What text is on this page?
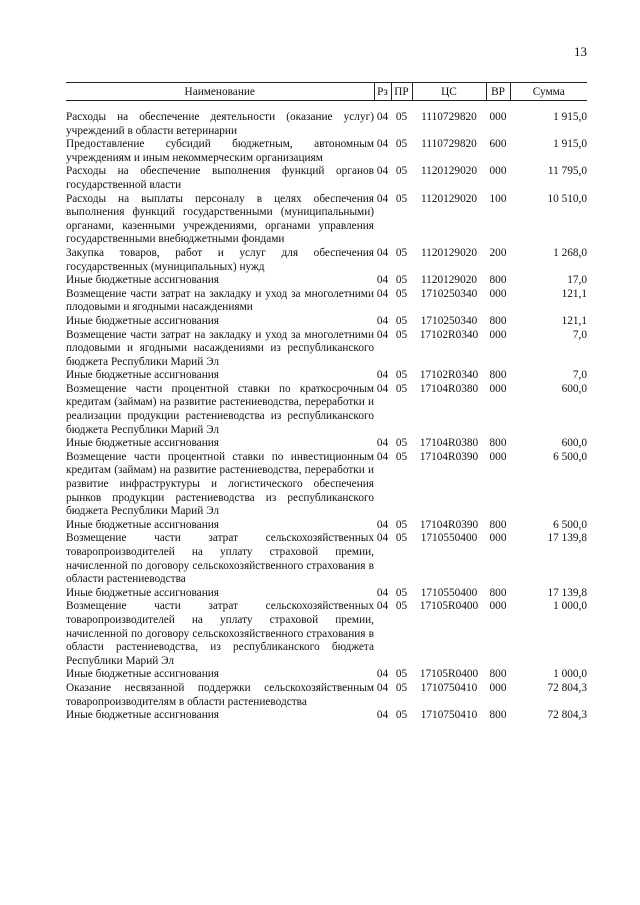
13
Наименование	Рз	ПР	ЦС	ВР	Сумма
Расходы на обеспечение деятельности (оказание услуг) учреждений в области ветеринарии	04	05	1110729820	000	1 915,0
Предоставление субсидий бюджетным, автономным учреждениям и иным некоммерческим организациям	04	05	1110729820	600	1 915,0
Расходы на обеспечение выполнения функций органов государственной власти	04	05	1120129020	000	11 795,0
Расходы на выплаты персоналу в целях обеспечения выполнения функций государственными (муниципальными) органами, казенными учреждениями, органами управления государственными внебюджетными фондами	04	05	1120129020	100	10 510,0
Закупка товаров, работ и услуг для обеспечения государственных (муниципальных) нужд	04	05	1120129020	200	1 268,0
Иные бюджетные ассигнования	04	05	1120129020	800	17,0
Возмещение части затрат на закладку и уход за многолетними плодовыми и ягодными насаждениями	04	05	1710250340	000	121,1
Иные бюджетные ассигнования	04	05	1710250340	800	121,1
Возмещение части затрат на закладку и уход за многолетними плодовыми и ягодными насаждениями из республиканского бюджета Республики Марий Эл	04	05	17102R0340	000	7,0
Иные бюджетные ассигнования	04	05	17102R0340	800	7,0
Возмещение части процентной ставки по краткосрочным кредитам (займам) на развитие растениеводства, переработки и реализации продукции растениеводства из республиканского бюджета Республики Марий Эл	04	05	17104R0380	000	600,0
Иные бюджетные ассигнования	04	05	17104R0380	800	600,0
Возмещение части процентной ставки по инвестиционным кредитам (займам) на развитие растениеводства, переработки и развитие инфраструктуры и логистического обеспечения рынков продукции растениеводства из республиканского бюджета Республики Марий Эл	04	05	17104R0390	000	6 500,0
Иные бюджетные ассигнования	04	05	17104R0390	800	6 500,0
Возмещение части затрат сельскохозяйственных товаропроизводителей на уплату страховой премии, начисленной по договору сельскохозяйственного страхования в области растениеводства	04	05	1710550400	000	17 139,8
Иные бюджетные ассигнования	04	05	1710550400	800	17 139,8
Возмещение части затрат сельскохозяйственных товаропроизводителей на уплату страховой премии, начисленной по договору сельскохозяйственного страхования в области растениеводства, из республиканского бюджета Республики Марий Эл	04	05	17105R0400	000	1 000,0
Иные бюджетные ассигнования	04	05	17105R0400	800	1 000,0
Оказание несвязанной поддержки сельскохозяйственным товаропроизводителям в области растениеводства	04	05	1710750410	000	72 804,3
Иные бюджетные ассигнования	04	05	1710750410	800	72 804,3
